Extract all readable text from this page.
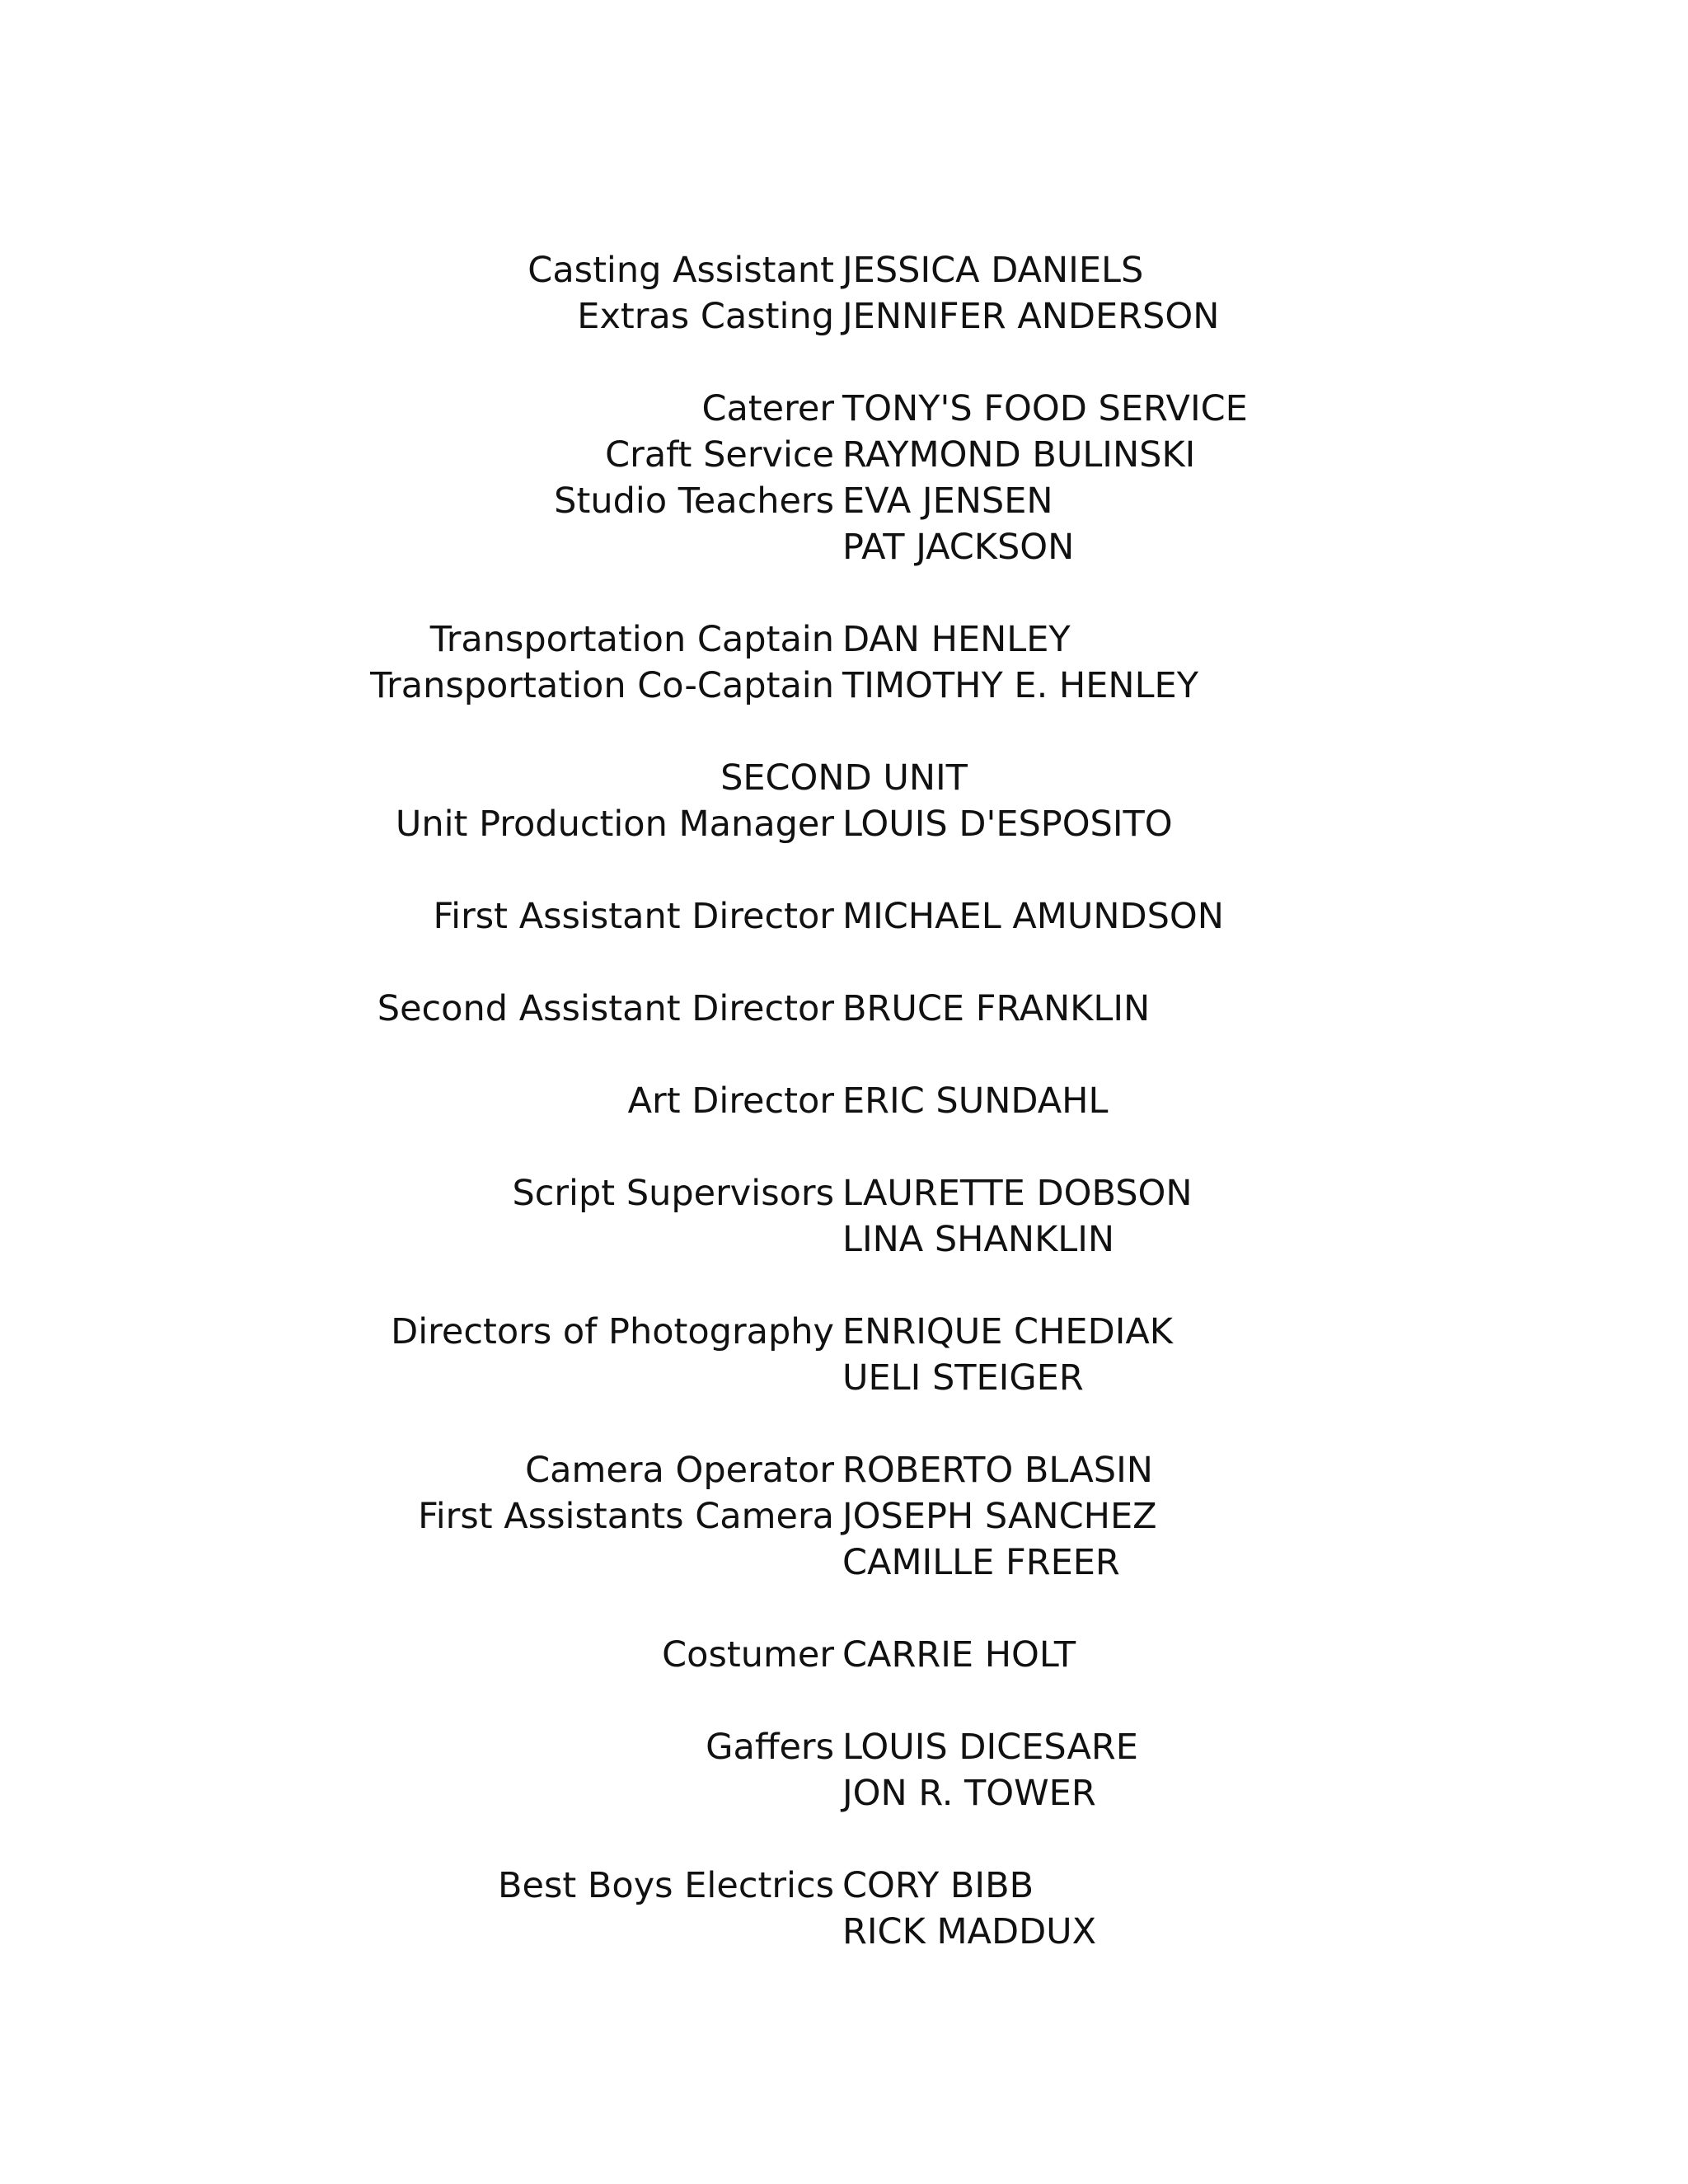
Casting Assistant JESSICA DANIELS
Extras Casting JENNIFER ANDERSON
Caterer TONY'S FOOD SERVICE
Craft Service RAYMOND BULINSKI
Studio Teachers EVA JENSEN
PAT JACKSON
Transportation Captain DAN HENLEY
Transportation Co-Captain TIMOTHY E. HENLEY
SECOND UNIT
Unit Production Manager LOUIS D'ESPOSITO
First Assistant Director MICHAEL AMUNDSON
Second Assistant Director BRUCE FRANKLIN
Art Director ERIC SUNDAHL
Script Supervisors LAURETTE DOBSON
LINA SHANKLIN
Directors of Photography ENRIQUE CHEDIAK
UELI STEIGER
Camera Operator ROBERTO BLASIN
First Assistants Camera JOSEPH SANCHEZ
CAMILLE FREER
Costumer CARRIE HOLT
Gaffers LOUIS DICESARE
JON R. TOWER
Best Boys Electrics CORY BIBB
RICK MADDUX
